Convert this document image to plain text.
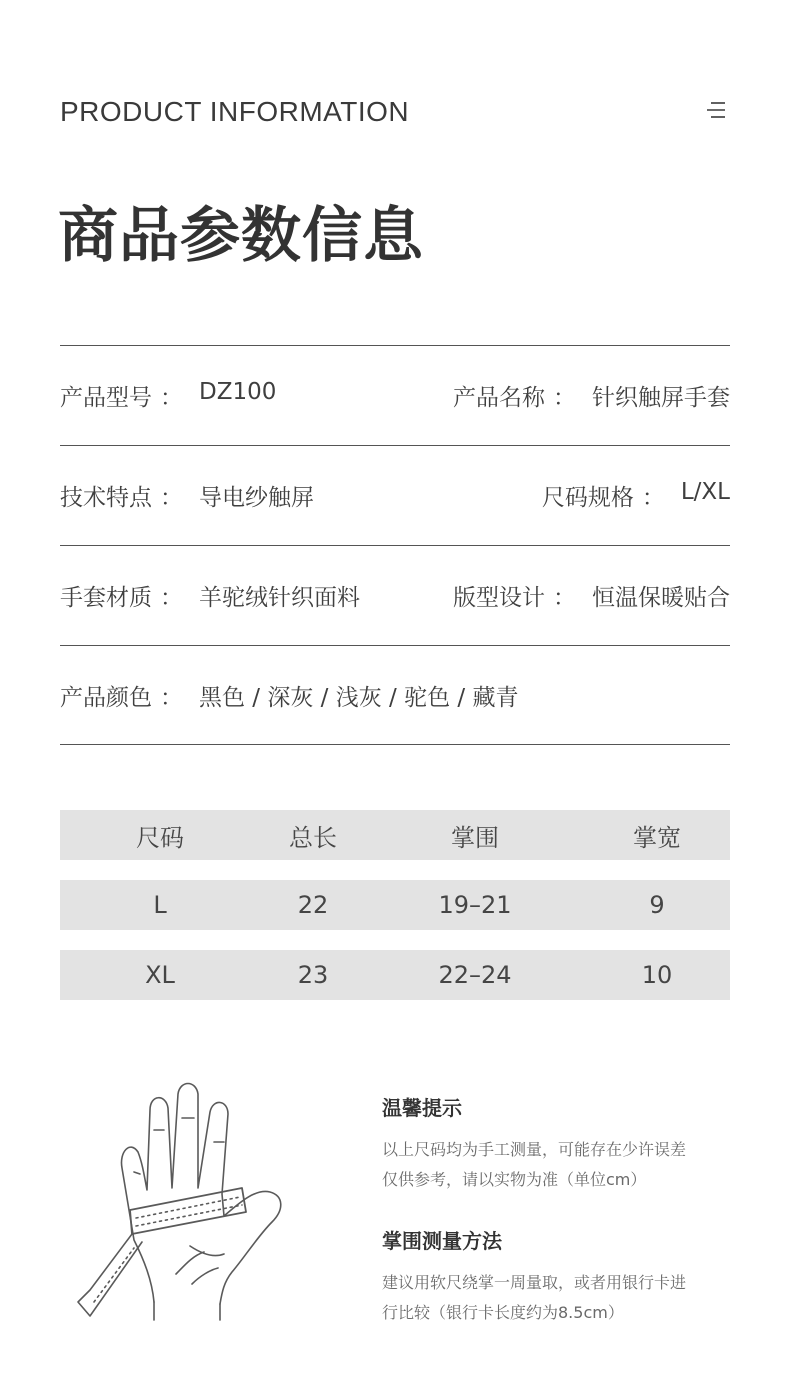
PRODUCT INFORMATION
商品参数信息
产品型号 ： DZ100	产品名称 ： 针织触屏手套
技术特点 ： 导电纱触屏	尺码规格 ： L/XL
手套材质 ： 羊驼绒针织面料	版型设计 ： 恒温保暖贴合
产品颜色 ： 黑色 / 深灰 / 浅灰 / 驼色 / 藏青
尺码	总长	掌围	掌宽
L	22	19–21	9
XL	23	22–24	10
温馨提示
以上尺码均为手工测量，可能存在少许误差
仅供参考，请以实物为准（单位cm）
掌围测量方法
建议用软尺绕掌一周量取，或者用银行卡进
行比较（银行卡长度约为8.5cm）
